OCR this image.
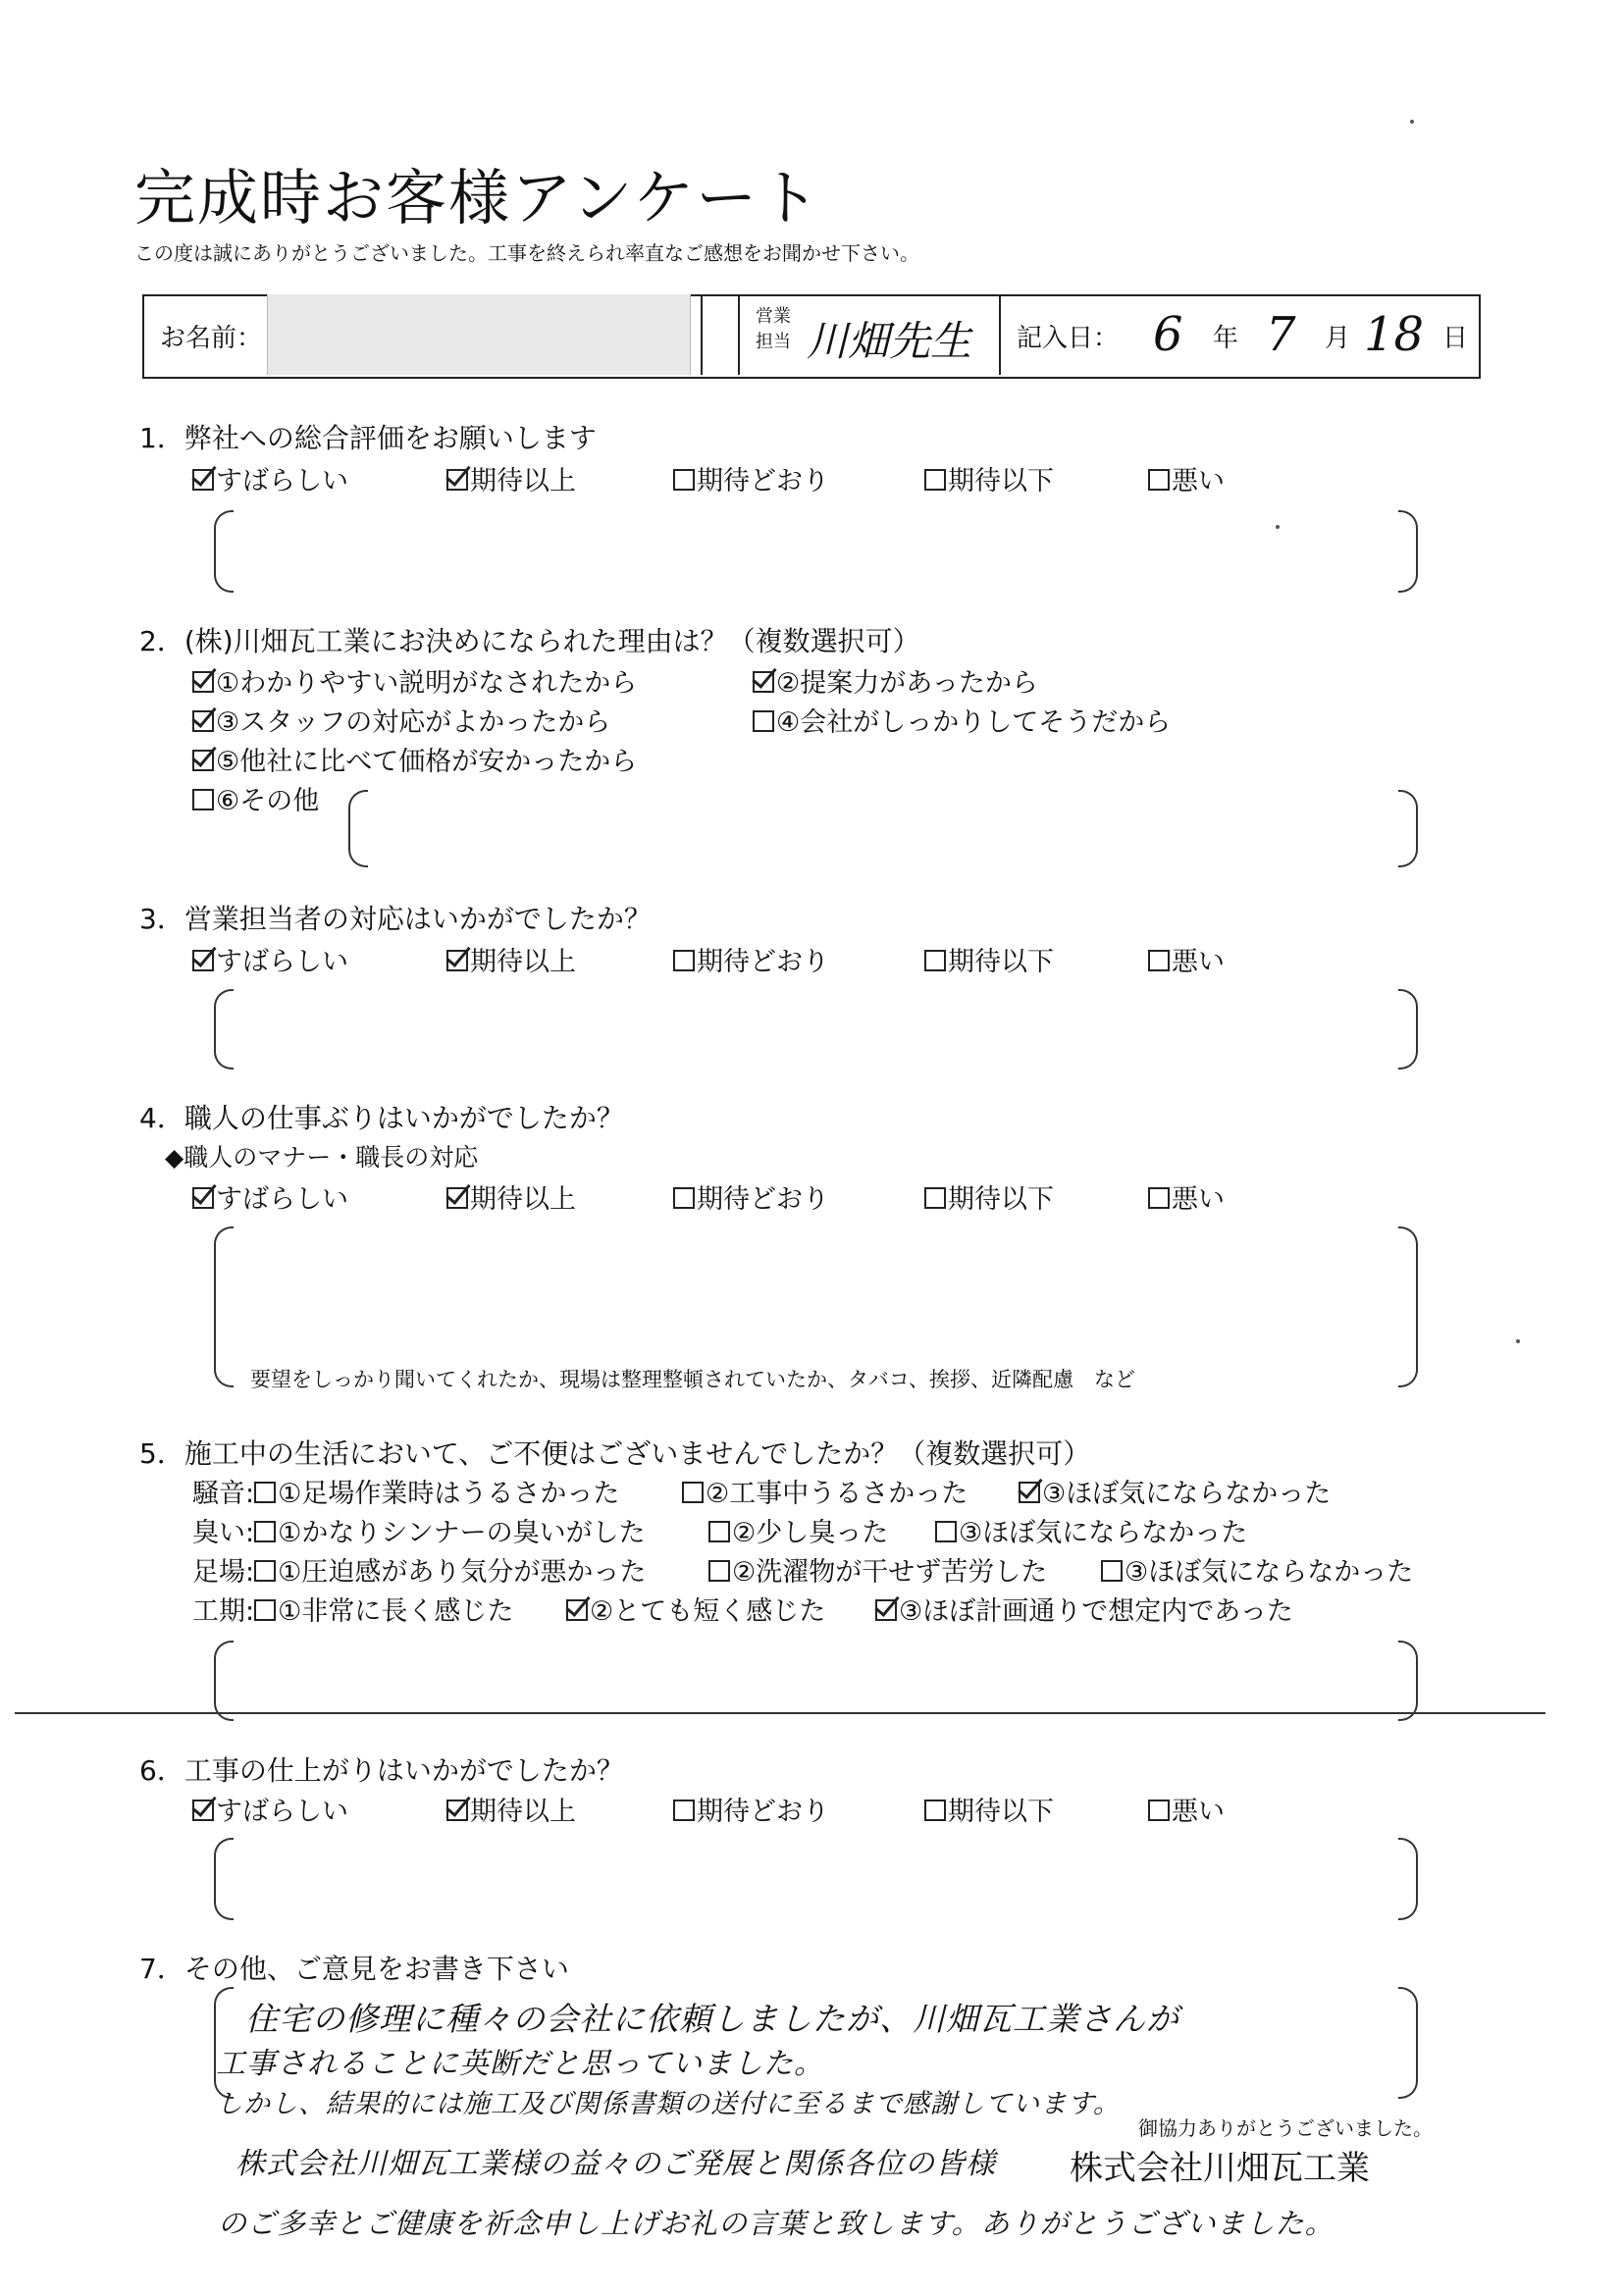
完成時お客様アンケート
この度は誠にありがとうございました。工事を終えられ率直なご感想をお聞かせ下さい。
お名前：
営業
担当 川畑先生 記入日： 6 年 7 月 18 日
1．弊社への総合評価をお願いします
すばらしい	期待以上	期待どおり	期待以下	悪い
2．(株)川畑瓦工業にお決めになられた理由は？（複数選択可）
①わかりやすい説明がなされたから	②提案力があったから
③スタッフの対応がよかったから	④会社がしっかりしてそうだから
⑤他社に比べて価格が安かったから
⑥その他
3．営業担当者の対応はいかがでしたか？
すばらしい	期待以上	期待どおり	期待以下	悪い
4．職人の仕事ぶりはいかがでしたか？
◆職人のマナー・職長の対応
すばらしい	期待以上	期待どおり	期待以下	悪い
要望をしっかり聞いてくれたか、現場は整理整頓されていたか、タバコ、挨拶、近隣配慮　など
5．施工中の生活において、ご不便はございませんでしたか？（複数選択可）
騒音: ①足場作業時はうるさかった	②工事中うるさかった	③ほぼ気にならなかった
臭い: ①かなりシンナーの臭いがした	②少し臭った	③ほぼ気にならなかった
足場: ①圧迫感があり気分が悪かった	②洗濯物が干せず苦労した	③ほぼ気にならなかった
工期: ①非常に長く感じた	②とても短く感じた	③ほぼ計画通りで想定内であった
6．工事の仕上がりはいかがでしたか？
すばらしい	期待以上	期待どおり	期待以下	悪い
7．その他、ご意見をお書き下さい
住宅の修理に種々の会社に依頼しましたが、川畑瓦工業さんが
工事されることに英断だと思っていました。
しかし、結果的には施工及び関係書類の送付に至るまで感謝しています。
御協力ありがとうございました。
株式会社川畑瓦工業様の益々のご発展と関係各位の皆様 株式会社川畑瓦工業
のご多幸とご健康を祈念申し上げお礼の言葉と致します。ありがとうございました。
